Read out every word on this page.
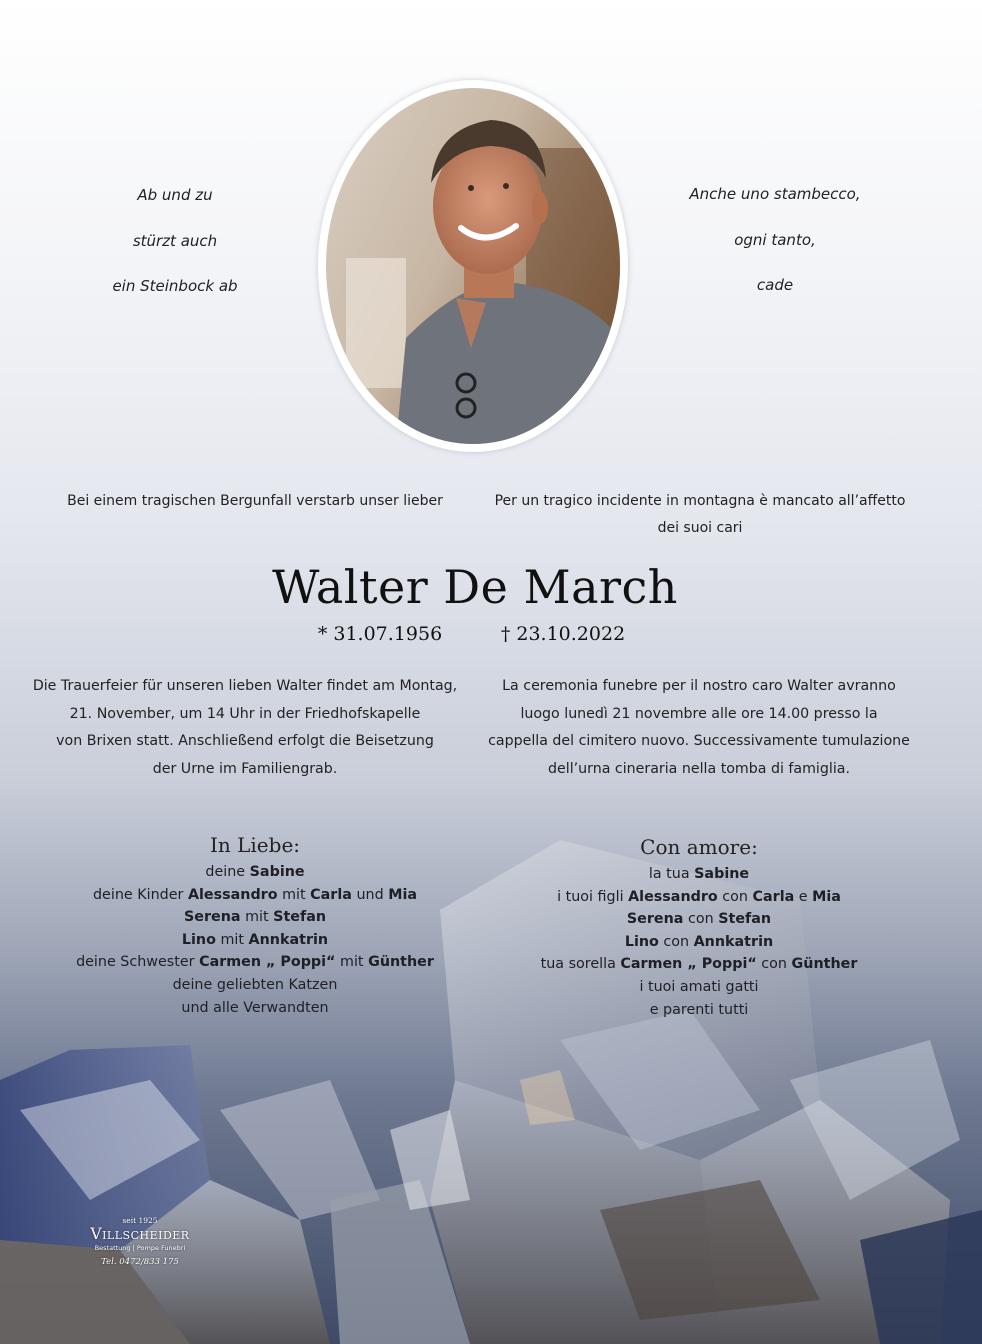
Ab und zu
stürzt auch
ein Steinbock ab
Anche uno stambecco,
ogni tanto,
cade
Bei einem tragischen Bergunfall verstarb unser lieber	Per un tragico incidente in montagna è mancato all’affetto
dei suoi cari
Walter De March
* 31.07.1956	† 23.10.2022
Die Trauerfeier für unseren lieben Walter findet am Montag,
21. November, um 14 Uhr in der Friedhofskapelle
von Brixen statt. Anschließend erfolgt die Beisetzung
der Urne im Familiengrab.
La ceremonia funebre per il nostro caro Walter avranno
luogo lunedì 21 novembre alle ore 14.00 presso la
cappella del cimitero nuovo. Successivamente tumulazione
dell’urna cineraria nella tomba di famiglia.
In Liebe:
deine Sabine
deine Kinder Alessandro mit Carla und Mia
Serena mit Stefan
Lino mit Annkatrin
deine Schwester Carmen „ Poppi“ mit Günther
deine geliebten Katzen
und alle Verwandten
Con amore:
la tua Sabine
i tuoi figli Alessandro con Carla e Mia
Serena con Stefan
Lino con Annkatrin
tua sorella Carmen „ Poppi“ con Günther
i tuoi amati gatti
e parenti tutti
seit 1925
Villscheider
Bestattung | Pompe Funebri
Tel. 0472/833 175
